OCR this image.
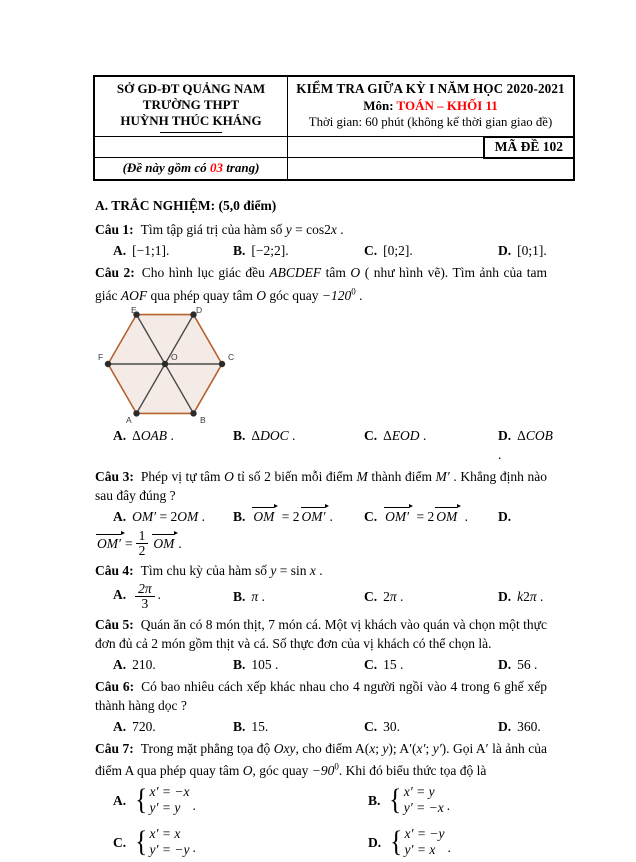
SỞ GD-ĐT QUẢNG NAM
TRƯỜNG THPT
HUỲNH THÚC KHÁNG
KIỂM TRA GIỮA KỲ I NĂM HỌC 2020-2021
Môn: TOÁN – KHỐI 11
Thời gian: 60 phút (không kể thời gian giao đề)
MÃ ĐỀ 102
(Đề này gồm có 03 trang)
A. TRẮC NGHIỆM: (5,0 điểm)

Câu 1: Tìm tập giá trị của hàm số y = cos2x .

A. [−1;1].	B. [−2;2].	C. [0;2].	D. [0;1].

Câu 2: Cho hình lục giác đều ABCDEF tâm O ( như hình vẽ). Tìm ảnh của tam giác AOF qua phép quay tâm O góc quay $-120^0$ .

E	D
F	C
O
A	B
A. ΔOAB .	B. ΔDOC .	C. ΔEOD .	D. ΔCOB .

Câu 3: Phép vị tự tâm O tỉ số 2 biến mỗi điểm M thành điểm M′ . Khẳng định nào sau đây đúng ?

A. OM′ = 2OM .	B. OM = 2 OM′ .	C. OM′ = 2 OM .	D.
$OM' = \frac{1}{2}$ OM .

Câu 4: Tìm chu kỳ của hàm số y = sin x .

A. $\frac{2\pi}{3}$ .	B. π .	C. 2π .	D. k2π .

Câu 5: Quán ăn có 8 món thịt, 7 món cá. Một vị khách vào quán và chọn một thực đơn đủ cả 2 món gồm thịt và cá. Số thực đơn của vị khách có thể chọn là.

A. 210.	B. 105 .	C. 15 .	D. 56 .

Câu 6: Có bao nhiêu cách xếp khác nhau cho 4 người ngồi vào 4 trong 6 ghế xếp thành hàng dọc ?

A. 720.	B. 15.	C. 30.	D. 360.

Câu 7: Trong mặt phẳng tọa độ Oxy, cho điểm A(x; y); A′(x′; y′). Gọi A′ là ảnh của điểm A qua phép quay tâm O, góc quay $-90^0$. Khi đó biểu thức tọa độ là

A. { x′ = −x
y′ = y .	B. { x′ = y
y′ = −x .
C. { x′ = x
y′ = −y .	D. { x′ = −y
y′ = x .
